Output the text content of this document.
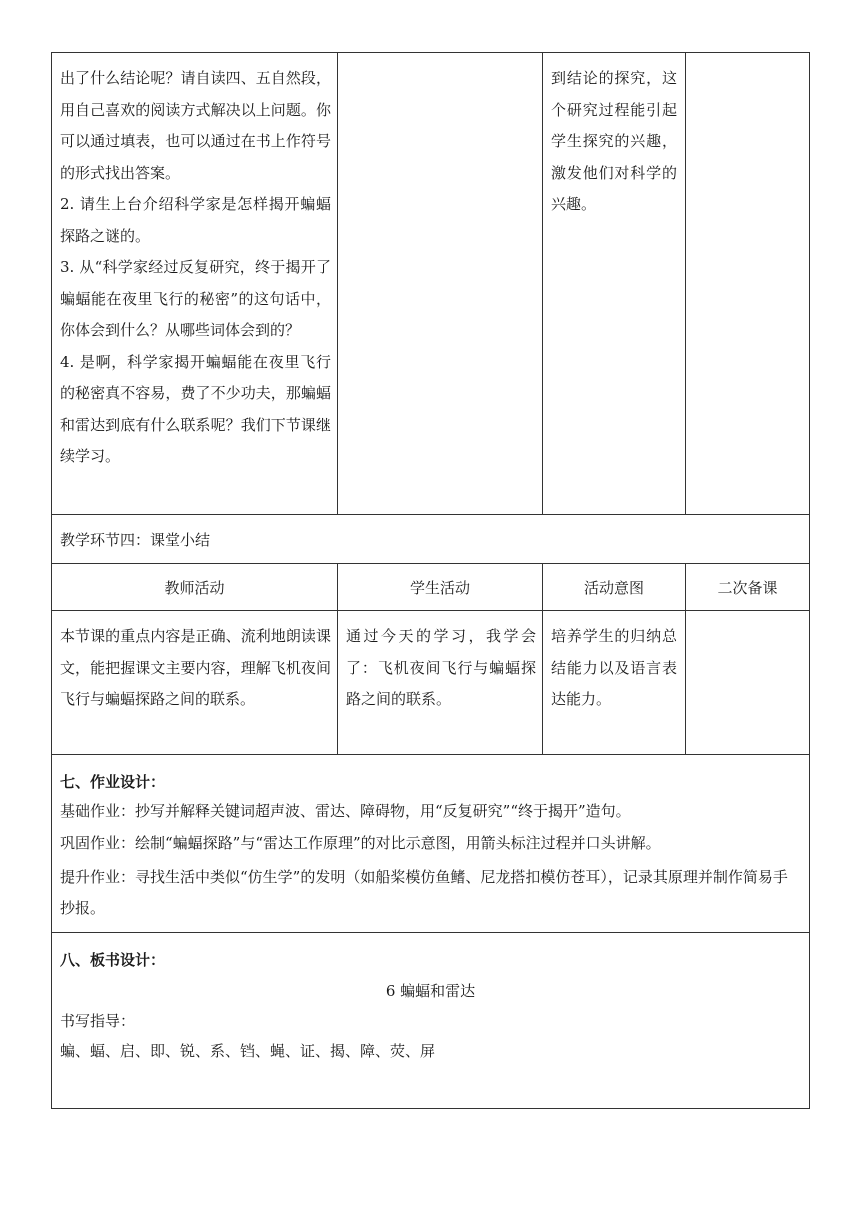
出了什么结论呢？请自读四、五自然段，用自己喜欢的阅读方式解决以上问题。你可以通过填表，也可以通过在书上作符号的形式找出答案。
2. 请生上台介绍科学家是怎样揭开蝙蝠探路之谜的。
3. 从“科学家经过反复研究，终于揭开了蝙蝠能在夜里飞行的秘密”的这句话中，你体会到什么？从哪些词体会到的？
4. 是啊，科学家揭开蝙蝠能在夜里飞行的秘密真不容易，费了不少功夫，那蝙蝠和雷达到底有什么联系呢？我们下节课继续学习。		到结论的探究，这个研究过程能引起学生探究的兴趣，激发他们对科学的兴趣。	

教学环节四：课堂小结			
教师活动	学生活动	活动意图	二次备课

本节课的重点内容是正确、流利地朗读课文，能把握课文主要内容，理解飞机夜间飞行与蝙蝠探路之间的联系。	通过今天的学习，我学会了：飞机夜间飞行与蝙蝠探路之间的联系。	培养学生的归纳总结能力以及语言表达能力。	

七、作业设计：
基础作业：抄写并解释关键词超声波、雷达、障碍物，用“反复研究”“终于揭开”造句。
巩固作业：绘制“蝙蝠探路”与“雷达工作原理”的对比示意图，用箭头标注过程并口头讲解。
提升作业：寻找生活中类似“仿生学”的发明（如船桨模仿鱼鳍、尼龙搭扣模仿苍耳），记录其原理并制作简易手抄报。			

八、板书设计：
6 蝙蝠和雷达
书写指导：
蝙、蝠、启、即、锐、系、铛、蝇、证、揭、障、荧、屏			
